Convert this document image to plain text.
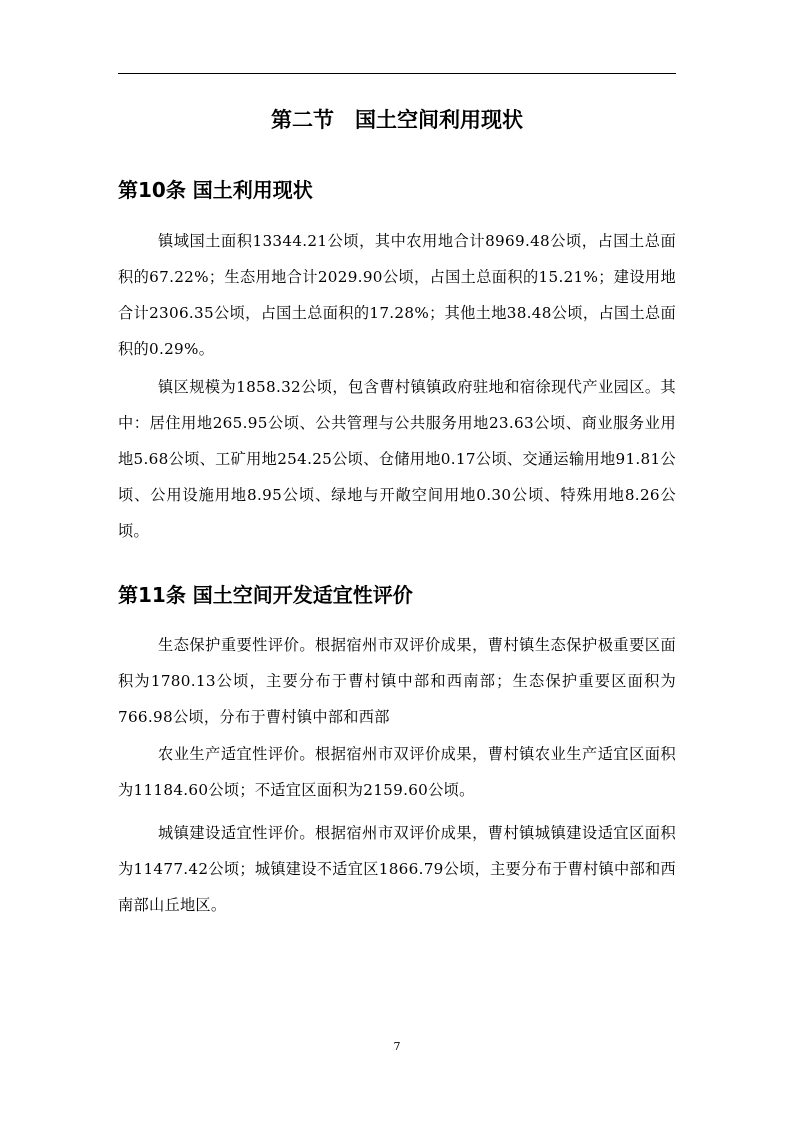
第二节　国土空间利用现状
第10条 国土利用现状

镇域国土面积13344.21公顷，其中农用地合计8969.48公顷，占国土总面积的67.22%；生态用地合计2029.90公顷，占国土总面积的15.21%；建设用地合计2306.35公顷，占国土总面积的17.28%；其他土地38.48公顷，占国土总面积的0.29%。

镇区规模为1858.32公顷，包含曹村镇镇政府驻地和宿徐现代产业园区。其中：居住用地265.95公顷、公共管理与公共服务用地23.63公顷、商业服务业用地5.68公顷、工矿用地254.25公顷、仓储用地0.17公顷、交通运输用地91.81公顷、公用设施用地8.95公顷、绿地与开敞空间用地0.30公顷、特殊用地8.26公顷。

第11条 国土空间开发适宜性评价

生态保护重要性评价。根据宿州市双评价成果，曹村镇生态保护极重要区面积为1780.13公顷，主要分布于曹村镇中部和西南部；生态保护重要区面积为766.98公顷，分布于曹村镇中部和西部

农业生产适宜性评价。根据宿州市双评价成果，曹村镇农业生产适宜区面积为11184.60公顷；不适宜区面积为2159.60公顷。

城镇建设适宜性评价。根据宿州市双评价成果，曹村镇城镇建设适宜区面积为11477.42公顷；城镇建设不适宜区1866.79公顷，主要分布于曹村镇中部和西南部山丘地区。

7
